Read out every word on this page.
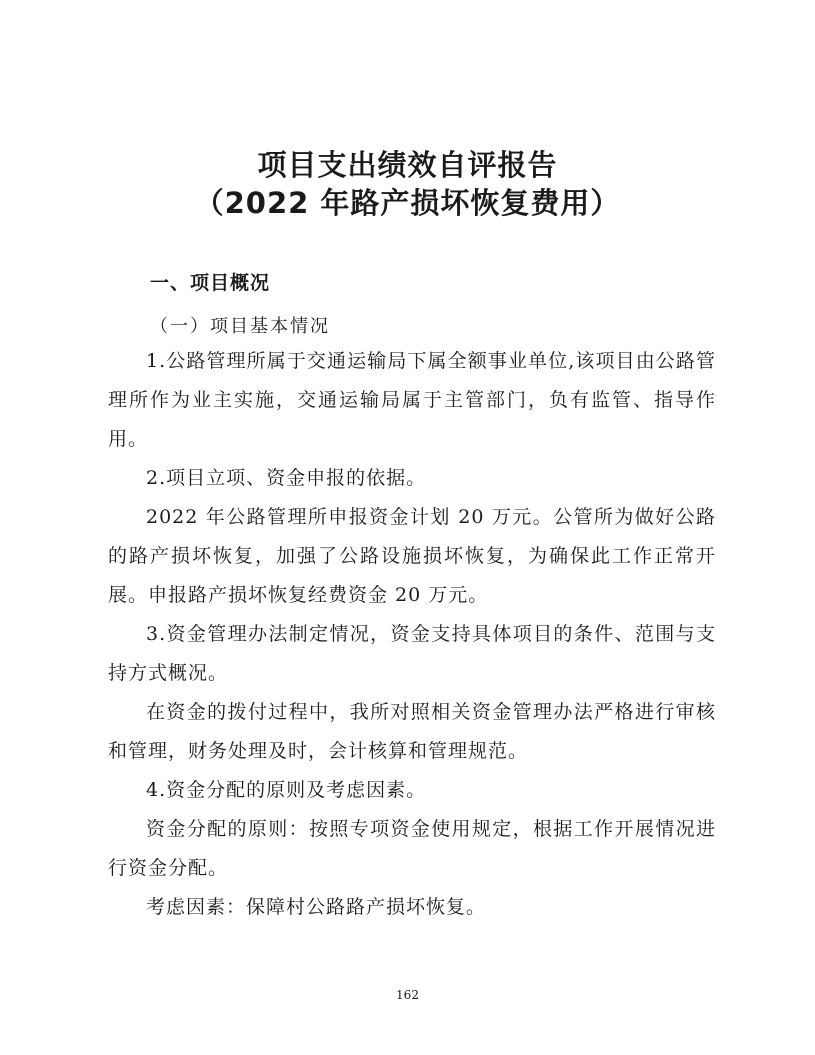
项目支出绩效自评报告
（2022 年路产损坏恢复费用）
一、项目概况
（一）项目基本情况
1.公路管理所属于交通运输局下属全额事业单位,该项目由公路管理所作为业主实施，交通运输局属于主管部门，负有监管、指导作用。
2.项目立项、资金申报的依据。
2022 年公路管理所申报资金计划 20 万元。公管所为做好公路的路产损坏恢复，加强了公路设施损坏恢复，为确保此工作正常开展。申报路产损坏恢复经费资金 20 万元。
3.资金管理办法制定情况，资金支持具体项目的条件、范围与支持方式概况。
在资金的拨付过程中，我所对照相关资金管理办法严格进行审核和管理，财务处理及时，会计核算和管理规范。
4.资金分配的原则及考虑因素。
资金分配的原则：按照专项资金使用规定，根据工作开展情况进行资金分配。
考虑因素：保障村公路路产损坏恢复。
162
